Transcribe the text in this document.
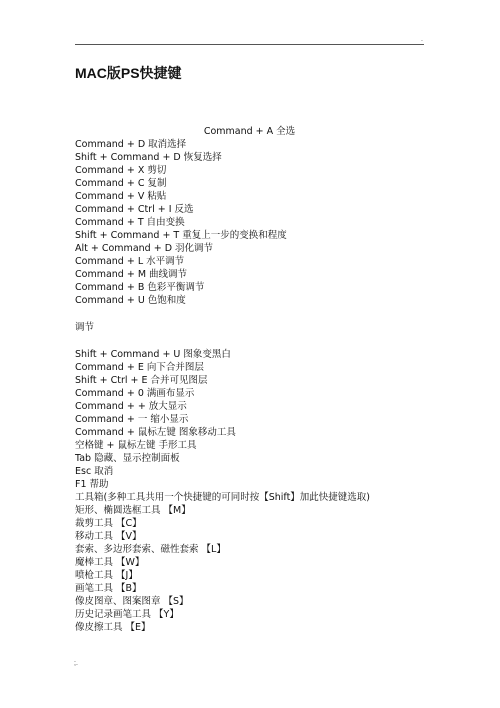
.
MAC版PS快捷键
Command + A 全选
Command + D 取消选择
Shift + Command + D 恢复选择
Command + X 剪切
Command + C 复制
Command + V 粘贴
Command + Ctrl + I 反选
Command + T 自由变换
Shift + Command + T 重复上一步的变换和程度
Alt + Command + D 羽化调节
Command + L 水平调节
Command + M 曲线调节
Command + B 色彩平衡调节
Command + U 色饱和度
调节
Shift + Command + U 图象变黑白
Command + E 向下合并图层
Shift + Ctrl + E 合并可见图层
Command + 0 满画布显示
Command + + 放大显示
Command + 一 缩小显示
Command + 鼠标左键 图象移动工具
空格键 + 鼠标左键 手形工具
Tab 隐藏、显示控制面板
Esc 取消
F1 帮助
工具箱(多种工具共用一个快捷键的可同时按【Shift】加此快捷键选取)
矩形、椭圆选框工具 【M】
裁剪工具 【C】
移动工具 【V】
套索、多边形套索、磁性套索 【L】
魔棒工具 【W】
喷枪工具 【J】
画笔工具 【B】
像皮图章、图案图章 【S】
历史记录画笔工具 【Y】
像皮擦工具 【E】
;.
